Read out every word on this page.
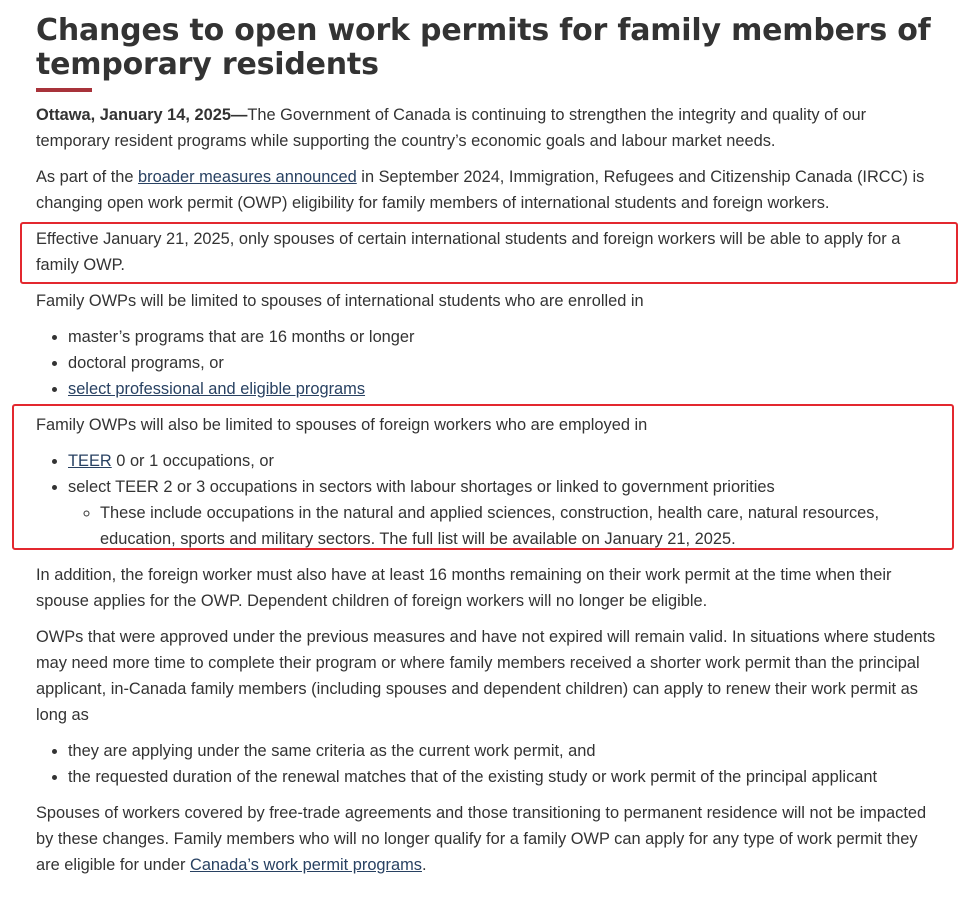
Changes to open work permits for family members of temporary residents

Ottawa, January 14, 2025—The Government of Canada is continuing to strengthen the integrity and quality of our temporary resident programs while supporting the country’s economic goals and labour market needs.

As part of the broader measures announced in September 2024, Immigration, Refugees and Citizenship Canada (IRCC) is changing open work permit (OWP) eligibility for family members of international students and foreign workers.

Effective January 21, 2025, only spouses of certain international students and foreign workers will be able to apply for a family OWP.

Family OWPs will be limited to spouses of international students who are enrolled in

• master’s programs that are 16 months or longer
• doctoral programs, or
• select professional and eligible programs

Family OWPs will also be limited to spouses of foreign workers who are employed in

• TEER 0 or 1 occupations, or
• select TEER 2 or 3 occupations in sectors with labour shortages or linked to government priorities
◦ These include occupations in the natural and applied sciences, construction, health care, natural resources, education, sports and military sectors. The full list will be available on January 21, 2025.

In addition, the foreign worker must also have at least 16 months remaining on their work permit at the time when their spouse applies for the OWP. Dependent children of foreign workers will no longer be eligible.

OWPs that were approved under the previous measures and have not expired will remain valid. In situations where students may need more time to complete their program or where family members received a shorter work permit than the principal applicant, in-Canada family members (including spouses and dependent children) can apply to renew their work permit as long as

• they are applying under the same criteria as the current work permit, and
• the requested duration of the renewal matches that of the existing study or work permit of the principal applicant

Spouses of workers covered by free-trade agreements and those transitioning to permanent residence will not be impacted by these changes. Family members who will no longer qualify for a family OWP can apply for any type of work permit they are eligible for under Canada’s work permit programs.
